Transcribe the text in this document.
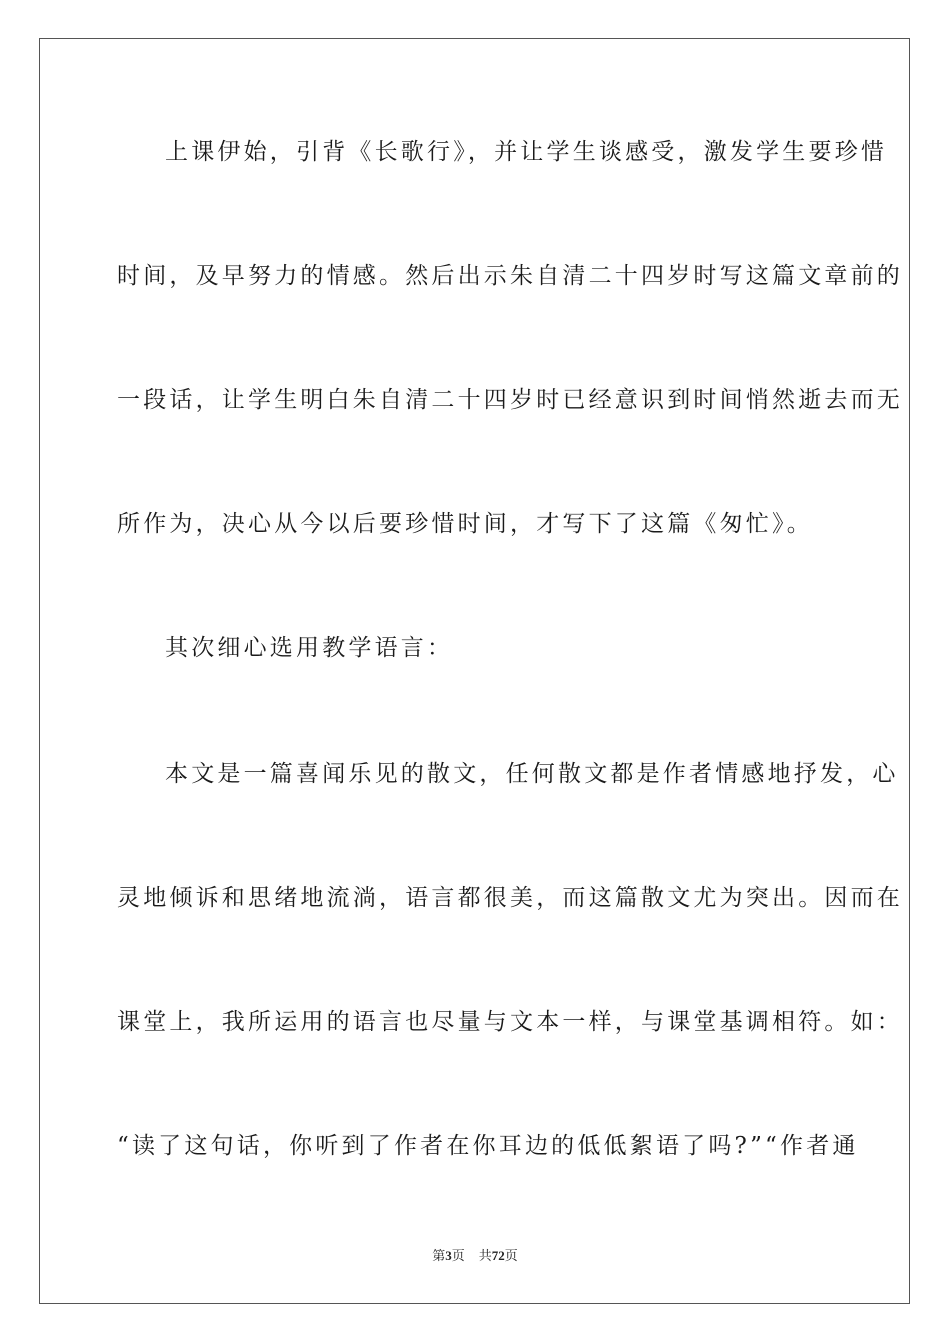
上课伊始，引背《长歌行》，并让学生谈感受，激发学生要珍惜
时间，及早努力的情感。然后出示朱自清二十四岁时写这篇文章前的
一段话，让学生明白朱自清二十四岁时已经意识到时间悄然逝去而无
所作为，决心从今以后要珍惜时间，才写下了这篇《匆忙》。
其次细心选用教学语言：
本文是一篇喜闻乐见的散文，任何散文都是作者情感地抒发，心
灵地倾诉和思绪地流淌，语言都很美，而这篇散文尤为突出。因而在
课堂上，我所运用的语言也尽量与文本一样，与课堂基调相符。如：
“读了这句话，你听到了作者在你耳边的低低絮语了吗?”“作者通
第3页 共72页
